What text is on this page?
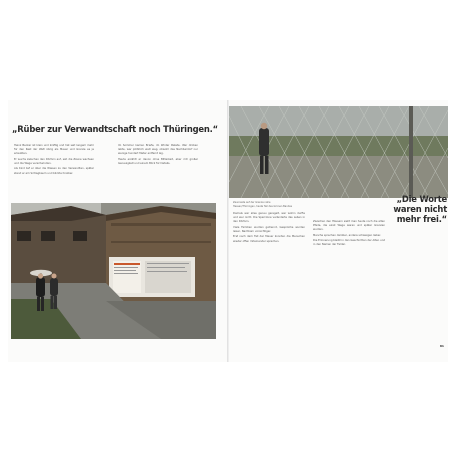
„Rüber zur Verwandtschaft noch Thüringen.“

Heinz Becker ist klein und kräftig und hat seit langem mehr für den Rest der Welt übrig als Mauer und Grenze es je erlaubten.

Er wuchs zwischen den Dörfern auf, sah die Zäune wachsen und die Wege verschwinden.

Als Kind lief er über die Wiesen zu den Verwandten, später stand er am Schlagbaum und blickte hinüber.

Im Sommer kamen Briefe, im Winter Pakete. Wer drüben lebte, war plötzlich weit weg, obwohl das Nachbardorf nur wenige hundert Meter entfernt lag.

Heute erzählt er davon ohne Bitterkeit, aber mit großer Genauigkeit und einem Blick für Details.

Zaunreste auf der Grenze nahe Hessen/Thüringen, heute Teil des Grünen Bandes
„Die Worte waren nicht mehr frei.“

Damals war alles genau geregelt, wer wohin durfte und wer nicht. Die Sperrzone veränderte das Leben in den Dörfern.

Viele Familien wurden getrennt, Gespräche wurden leiser, Nachbarn vorsichtiger.

Erst nach dem Fall der Mauer konnten die Menschen wieder offen miteinander sprechen.

Zwischen den Häusern sieht man heute noch die alten Pfade, die einst Wege waren und später Grenzen wurden.

Manche sprechen darüber, andere schweigen lieber.

Die Erinnerung bleibt in den Geschichten der Alten und in den Namen der Felder.

81
